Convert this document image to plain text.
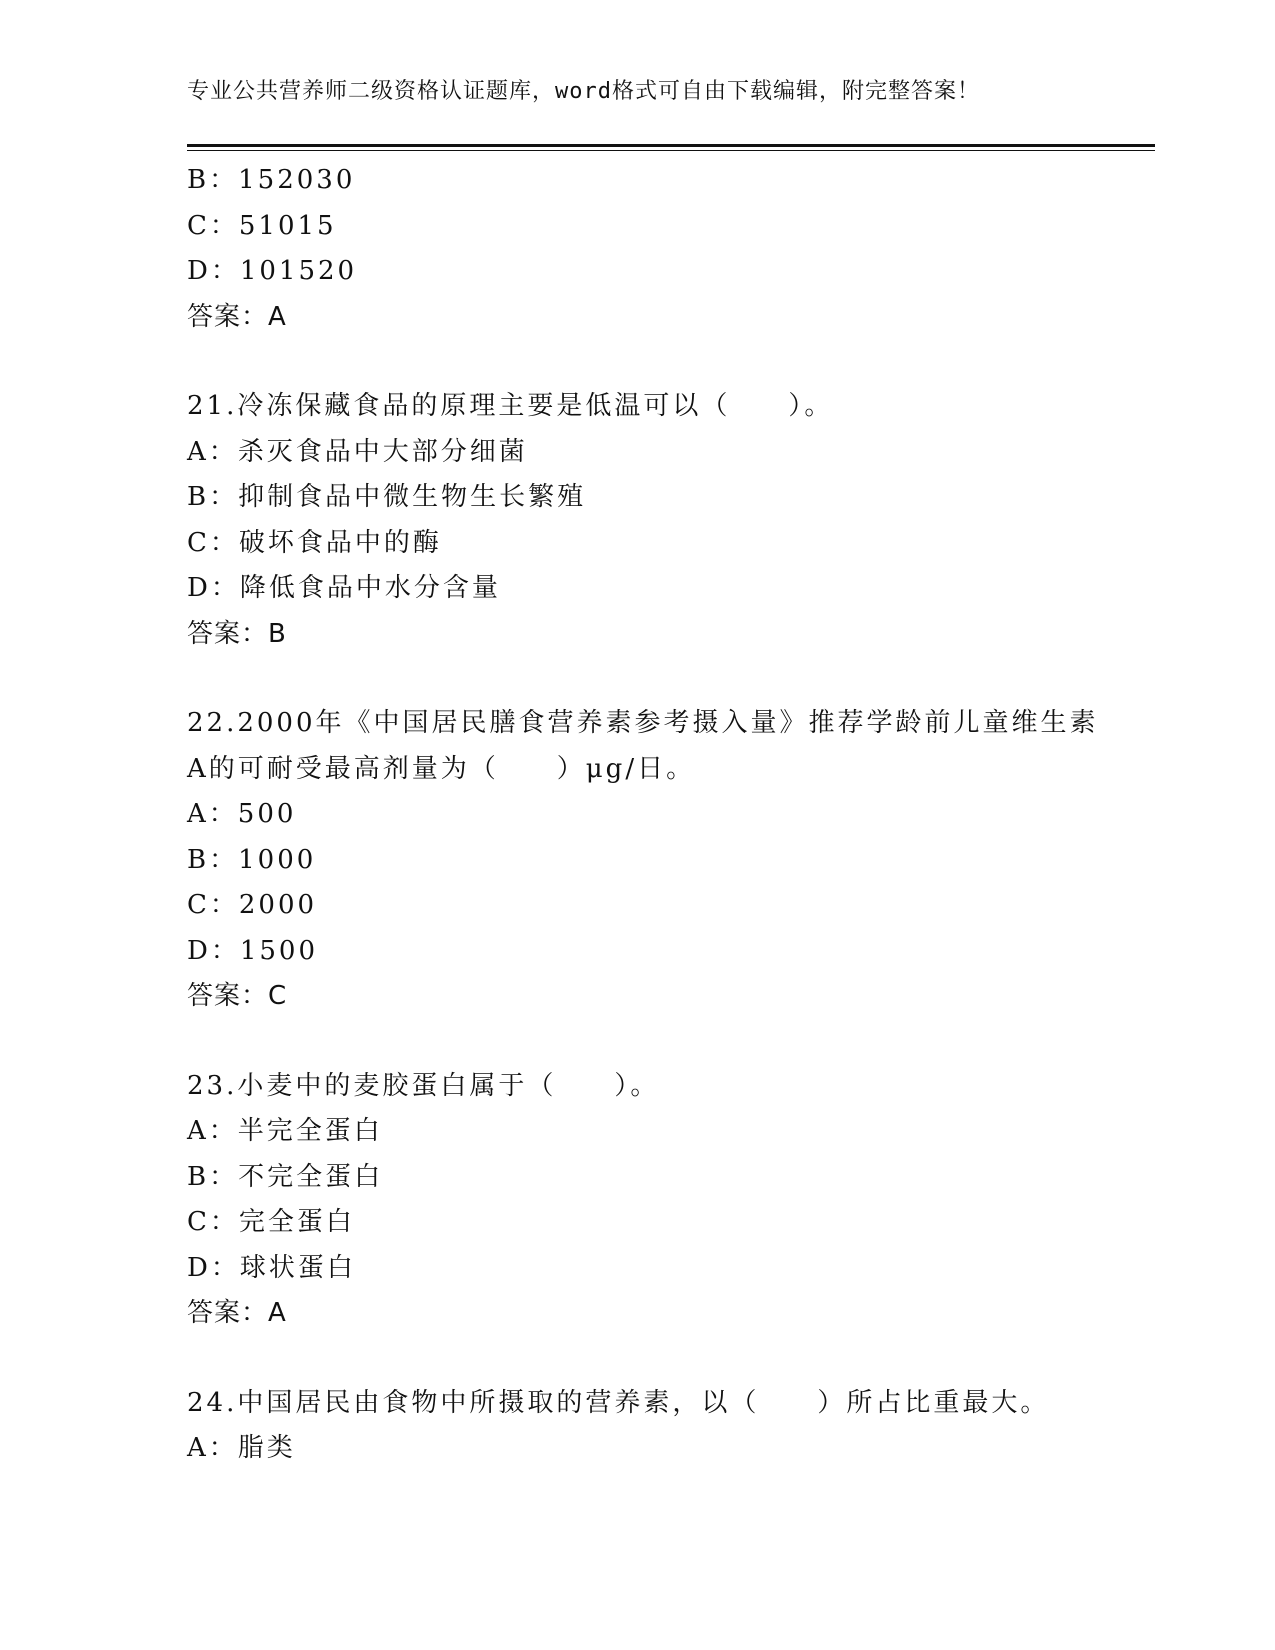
专业公共营养师二级资格认证题库，word格式可自由下载编辑，附完整答案！
B：152030
C：51015
D：101520
答案：A
21.冷冻保藏食品的原理主要是低温可以（　　）。
A：杀灭食品中大部分细菌
B：抑制食品中微生物生长繁殖
C：破坏食品中的酶
D：降低食品中水分含量
答案：B
22.2000年《中国居民膳食营养素参考摄入量》推荐学龄前儿童维生素
A的可耐受最高剂量为（　　）μg/日。
A：500
B：1000
C：2000
D：1500
答案：C
23.小麦中的麦胶蛋白属于（　　）。
A：半完全蛋白
B：不完全蛋白
C：完全蛋白
D：球状蛋白
答案：A
24.中国居民由食物中所摄取的营养素，以（　　）所占比重最大。
A：脂类
